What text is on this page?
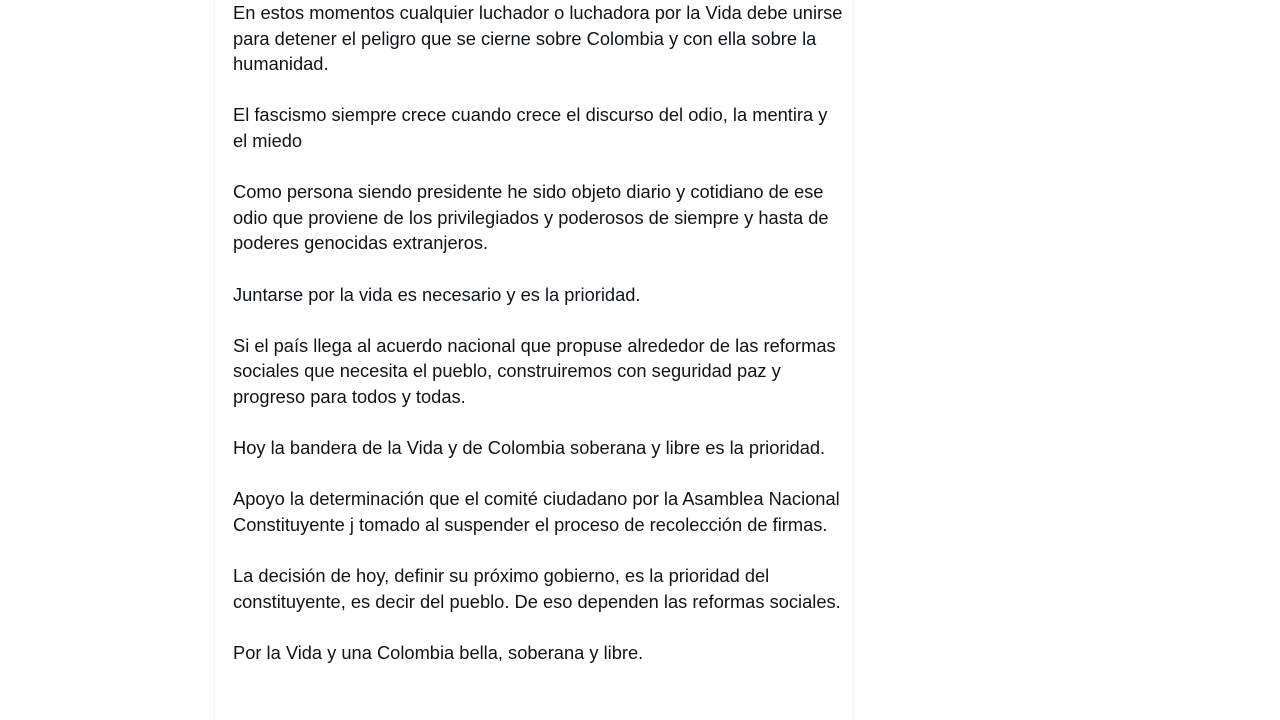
En estos momentos cualquier luchador o luchadora por la Vida debe unirse para detener el peligro que se cierne sobre Colombia y con ella sobre la humanidad.

El fascismo siempre crece cuando crece el discurso del odio, la mentira y el miedo

Como persona siendo presidente he sido objeto diario y cotidiano de ese odio que proviene de los privilegiados y poderosos de siempre y hasta de poderes genocidas extranjeros.

Juntarse por la vida es necesario y es la prioridad.

Si el país llega al acuerdo nacional que propuse alrededor de las reformas sociales que necesita el pueblo, construiremos con seguridad paz y progreso para todos y todas.

Hoy la bandera de la Vida y de Colombia soberana y libre es la prioridad.

Apoyo la determinación que el comité ciudadano por la Asamblea Nacional Constituyente j tomado al suspender el proceso de recolección de firmas.

La decisión de hoy, definir su próximo gobierno, es la prioridad del constituyente, es decir del pueblo. De eso dependen las reformas sociales.

Por la Vida y una Colombia bella, soberana y libre.
